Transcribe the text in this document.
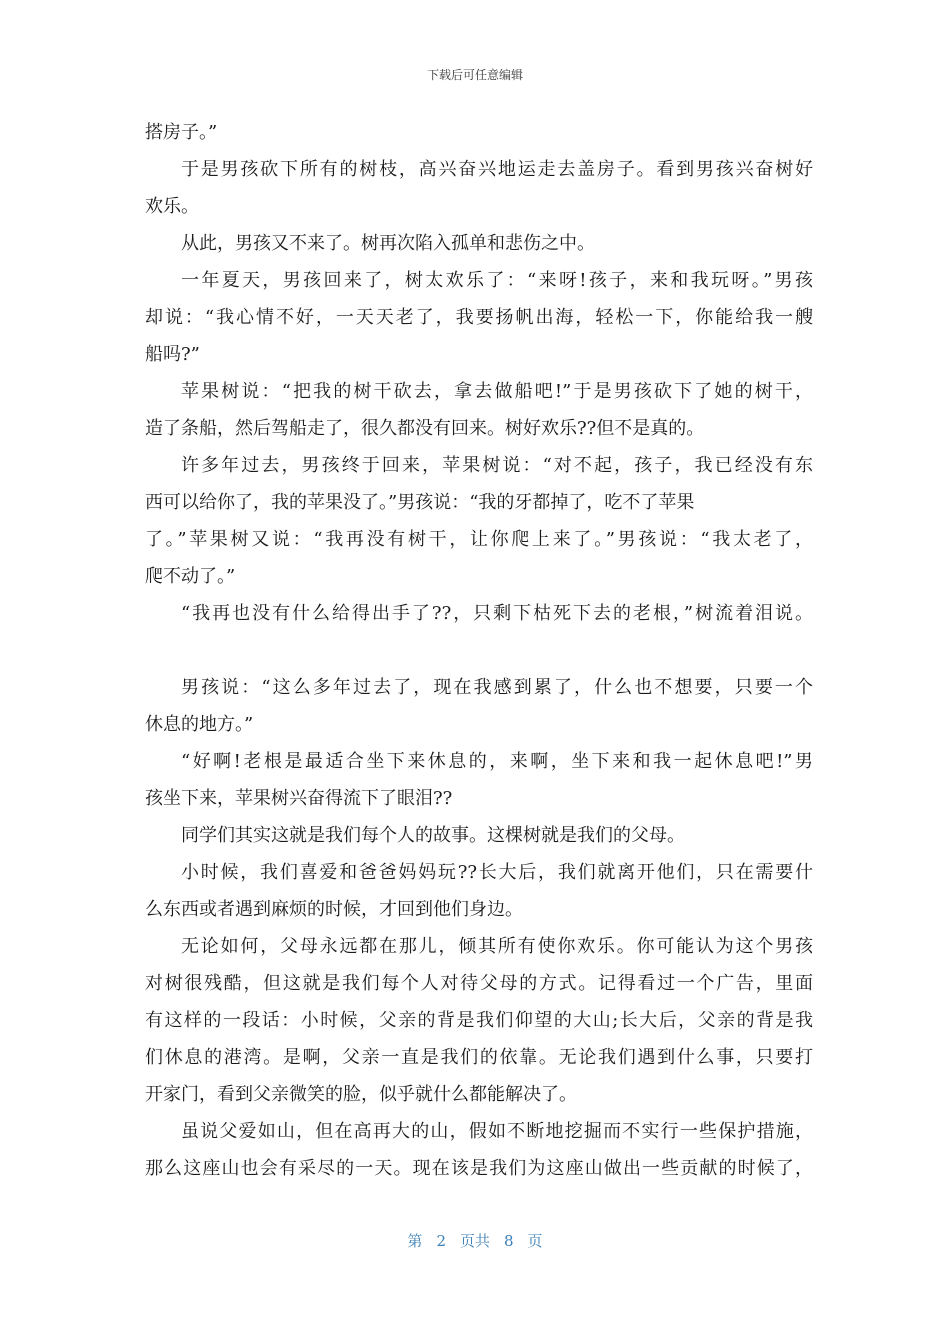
下载后可任意编辑
搭房子。”
于是男孩砍下所有的树枝，高兴奋兴地运走去盖房子。看到男孩兴奋树好
欢乐。
从此，男孩又不来了。树再次陷入孤单和悲伤之中。
一年夏天，男孩回来了，树太欢乐了：“来呀!孩子，来和我玩呀。”男孩
却说：“我心情不好，一天天老了，我要扬帆出海，轻松一下，你能给我一艘
船吗?”
苹果树说：“把我的树干砍去，拿去做船吧!”于是男孩砍下了她的树干，
造了条船，然后驾船走了，很久都没有回来。树好欢乐??但不是真的。
许多年过去，男孩终于回来，苹果树说：“对不起，孩子，我已经没有东
西可以给你了，我的苹果没了。”男孩说：“我的牙都掉了，吃不了苹果
了。”苹果树又说：“我再没有树干，让你爬上来了。”男孩说：“我太老了，
爬不动了。”
“我再也没有什么给得出手了??，只剩下枯死下去的老根，”树流着泪说。
男孩说：“这么多年过去了，现在我感到累了，什么也不想要，只要一个
休息的地方。”
“好啊!老根是最适合坐下来休息的，来啊，坐下来和我一起休息吧!”男
孩坐下来，苹果树兴奋得流下了眼泪??
同学们其实这就是我们每个人的故事。这棵树就是我们的父母。
小时候，我们喜爱和爸爸妈妈玩??长大后，我们就离开他们，只在需要什
么东西或者遇到麻烦的时候，才回到他们身边。
无论如何，父母永远都在那儿，倾其所有使你欢乐。你可能认为这个男孩
对树很残酷，但这就是我们每个人对待父母的方式。记得看过一个广告，里面
有这样的一段话：小时候，父亲的背是我们仰望的大山;长大后，父亲的背是我
们休息的港湾。是啊，父亲一直是我们的依靠。无论我们遇到什么事，只要打
开家门，看到父亲微笑的脸，似乎就什么都能解决了。
虽说父爱如山，但在高再大的山，假如不断地挖掘而不实行一些保护措施，
那么这座山也会有采尽的一天。现在该是我们为这座山做出一些贡献的时候了，
第 2 页共 8 页
